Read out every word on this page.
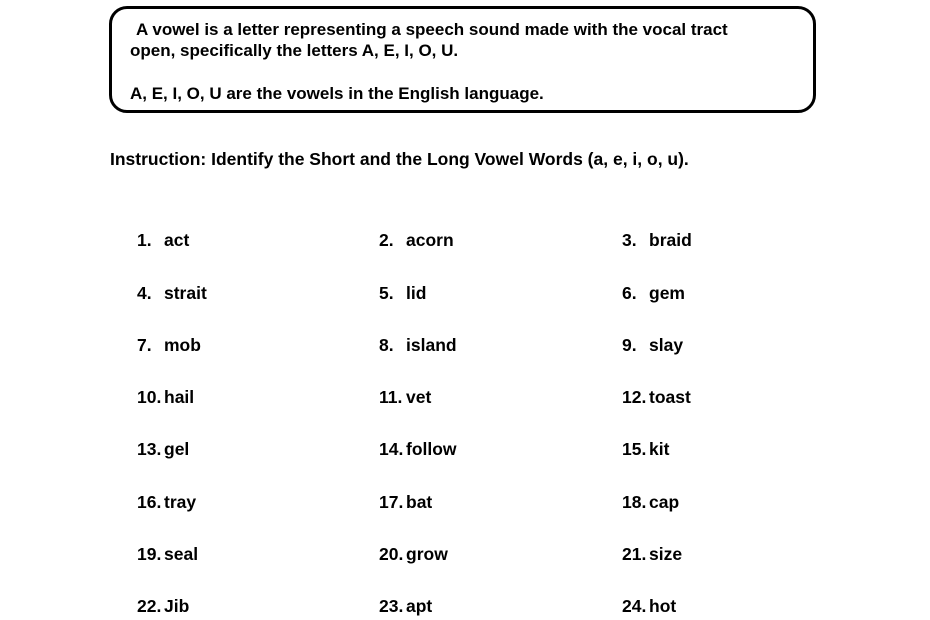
A vowel is a letter representing a speech sound made with the vocal tract
open, specifically the letters A, E, I, O, U.
A, E, I, O, U are the vowels in the English language.
Instruction: Identify the Short and the Long Vowel Words (a, e, i, o, u).
1. act	2. acorn	3. braid
4. strait	5. lid	6. gem
7. mob	8. island	9. slay
10. hail	11. vet	12. toast
13. gel	14. follow	15. kit
16. tray	17. bat	18. cap
19. seal	20. grow	21. size
22. Jib	23. apt	24. hot
